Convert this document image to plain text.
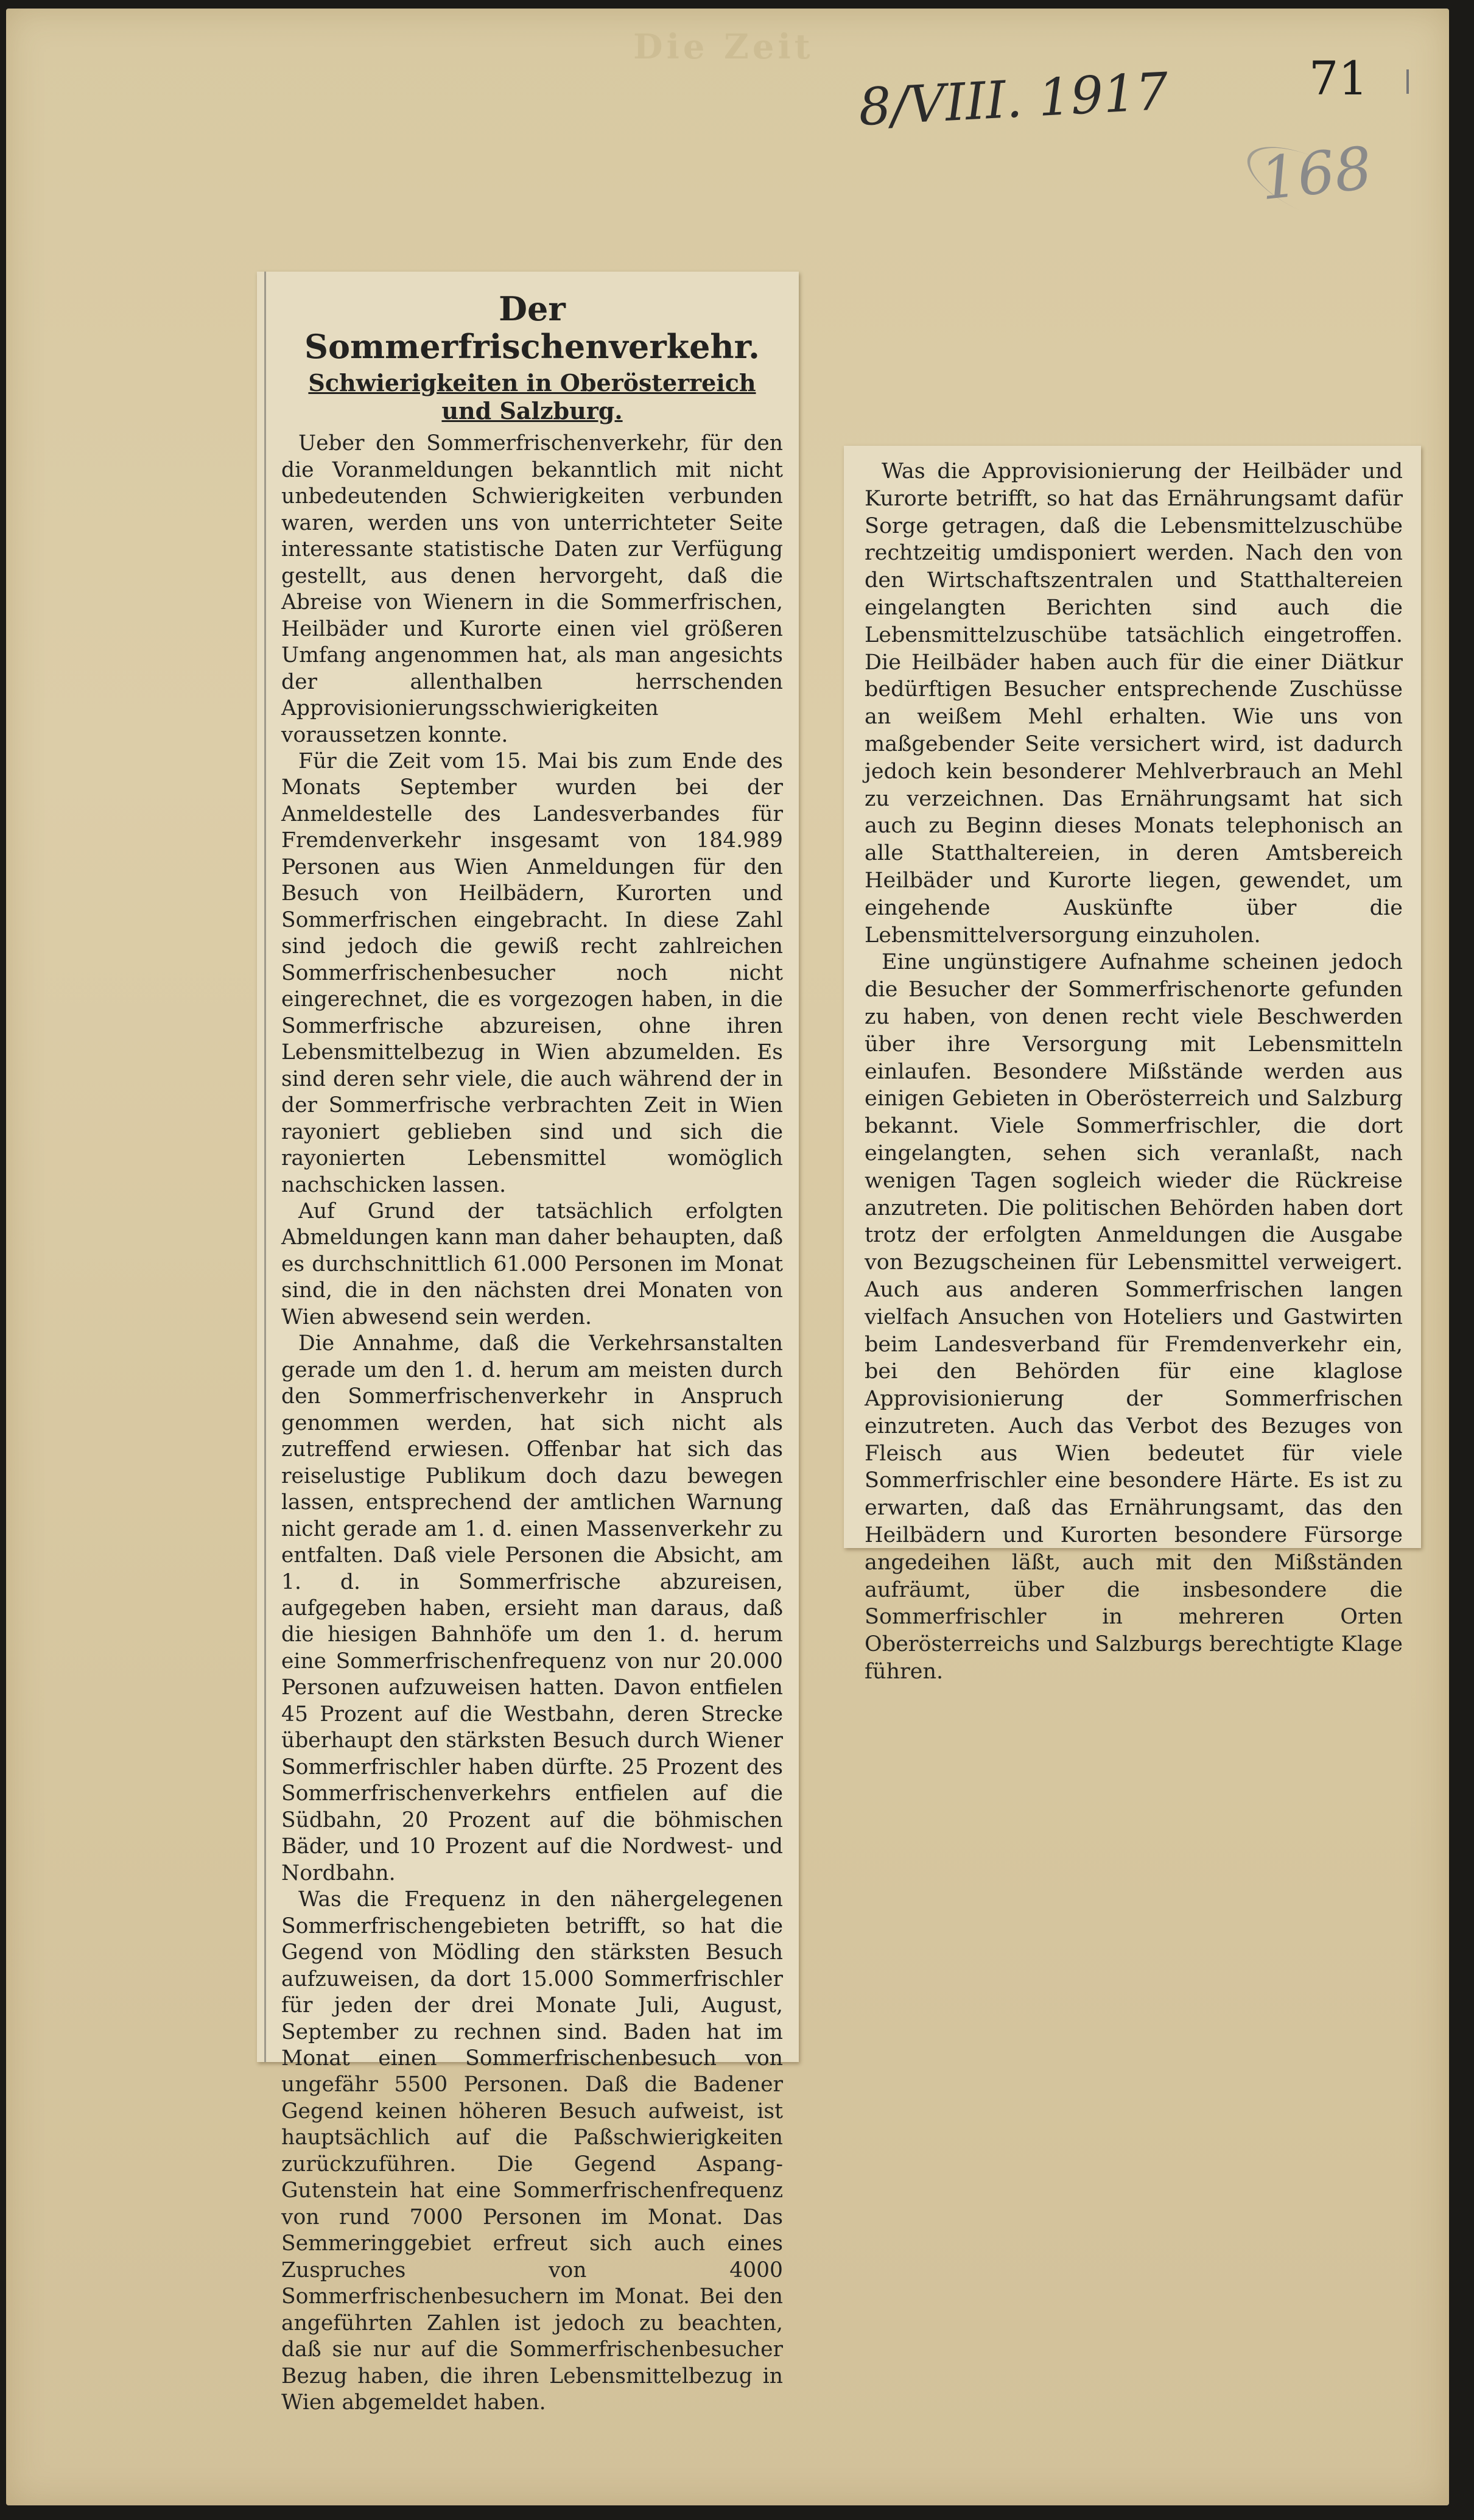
Die Zeit
71
8/VIII. 1917
168
Der Sommerfrischenverkehr.
Schwierigkeiten in Oberösterreich und Salzburg.

Ueber den Sommerfrischenverkehr, für den die Voranmeldungen bekanntlich mit nicht unbedeutenden Schwierigkeiten verbunden waren, werden uns von unterrichteter Seite interessante statistische Daten zur Verfügung gestellt, aus denen hervorgeht, daß die Abreise von Wienern in die Sommerfrischen, Heilbäder und Kurorte einen viel größeren Umfang angenommen hat, als man angesichts der allenthalben herrschenden Approvisionierungsschwierigkeiten voraussetzen konnte.

Für die Zeit vom 15. Mai bis zum Ende des Monats September wurden bei der Anmeldestelle des Landesverbandes für Fremdenverkehr insgesamt von 184.989 Personen aus Wien Anmeldungen für den Besuch von Heilbädern, Kurorten und Sommerfrischen eingebracht. In diese Zahl sind jedoch die gewiß recht zahlreichen Sommerfrischenbesucher noch nicht eingerechnet, die es vorgezogen haben, in die Sommerfrische abzureisen, ohne ihren Lebensmittelbezug in Wien abzumelden. Es sind deren sehr viele, die auch während der in der Sommerfrische verbrachten Zeit in Wien rayoniert geblieben sind und sich die rayonierten Lebensmittel womöglich nachschicken lassen.

Auf Grund der tatsächlich erfolgten Abmeldungen kann man daher behaupten, daß es durchschnittlich 61.000 Personen im Monat sind, die in den nächsten drei Monaten von Wien abwesend sein werden.

Die Annahme, daß die Verkehrsanstalten gerade um den 1. d. herum am meisten durch den Sommerfrischenverkehr in Anspruch genommen werden, hat sich nicht als zutreffend erwiesen. Offenbar hat sich das reiselustige Publikum doch dazu bewegen lassen, entsprechend der amtlichen Warnung nicht gerade am 1. d. einen Massenverkehr zu entfalten. Daß viele Personen die Absicht, am 1. d. in Sommerfrische abzureisen, aufgegeben haben, ersieht man daraus, daß die hiesigen Bahnhöfe um den 1. d. herum eine Sommerfrischenfrequenz von nur 20.000 Personen aufzuweisen hatten. Davon entfielen 45 Prozent auf die Westbahn, deren Strecke überhaupt den stärksten Besuch durch Wiener Sommerfrischler haben dürfte. 25 Prozent des Sommerfrischenverkehrs entfielen auf die Südbahn, 20 Prozent auf die böhmischen Bäder, und 10 Prozent auf die Nordwest- und Nordbahn.

Was die Frequenz in den nähergelegenen Sommerfrischengebieten betrifft, so hat die Gegend von Mödling den stärksten Besuch aufzuweisen, da dort 15.000 Sommerfrischler für jeden der drei Monate Juli, August, September zu rechnen sind. Baden hat im Monat einen Sommerfrischenbesuch von ungefähr 5500 Personen. Daß die Badener Gegend keinen höheren Besuch aufweist, ist hauptsächlich auf die Paßschwierigkeiten zurückzuführen. Die Gegend Aspang-Gutenstein hat eine Sommerfrischenfrequenz von rund 7000 Personen im Monat. Das Semmeringgebiet erfreut sich auch eines Zuspruches von 4000 Sommerfrischenbesuchern im Monat. Bei den angeführten Zahlen ist jedoch zu beachten, daß sie nur auf die Sommerfrischenbesucher Bezug haben, die ihren Lebensmittelbezug in Wien abgemeldet haben.

Was die Approvisionierung der Heilbäder und Kurorte betrifft, so hat das Ernährungsamt dafür Sorge getragen, daß die Lebensmittelzuschübe rechtzeitig umdisponiert werden. Nach den von den Wirtschaftszentralen und Statthaltereien eingelangten Berichten sind auch die Lebensmittelzuschübe tatsächlich eingetroffen. Die Heilbäder haben auch für die einer Diätkur bedürftigen Besucher entsprechende Zuschüsse an weißem Mehl erhalten. Wie uns von maßgebender Seite versichert wird, ist dadurch jedoch kein besonderer Mehlverbrauch an Mehl zu verzeichnen. Das Ernährungsamt hat sich auch zu Beginn dieses Monats telephonisch an alle Statthaltereien, in deren Amtsbereich Heilbäder und Kurorte liegen, gewendet, um eingehende Auskünfte über die Lebensmittelversorgung einzuholen.

Eine ungünstigere Aufnahme scheinen jedoch die Besucher der Sommerfrischenorte gefunden zu haben, von denen recht viele Beschwerden über ihre Versorgung mit Lebensmitteln einlaufen. Besondere Mißstände werden aus einigen Gebieten in Oberösterreich und Salzburg bekannt. Viele Sommerfrischler, die dort eingelangten, sehen sich veranlaßt, nach wenigen Tagen sogleich wieder die Rückreise anzutreten. Die politischen Behörden haben dort trotz der erfolgten Anmeldungen die Ausgabe von Bezugscheinen für Lebensmittel verweigert. Auch aus anderen Sommerfrischen langen vielfach Ansuchen von Hoteliers und Gastwirten beim Landesverband für Fremdenverkehr ein, bei den Behörden für eine klaglose Approvisionierung der Sommerfrischen einzutreten. Auch das Verbot des Bezuges von Fleisch aus Wien bedeutet für viele Sommerfrischler eine besondere Härte. Es ist zu erwarten, daß das Ernährungsamt, das den Heilbädern und Kurorten besondere Fürsorge angedeihen läßt, auch mit den Mißständen aufräumt, über die insbesondere die Sommerfrischler in mehreren Orten Oberösterreichs und Salzburgs berechtigte Klage führen.
